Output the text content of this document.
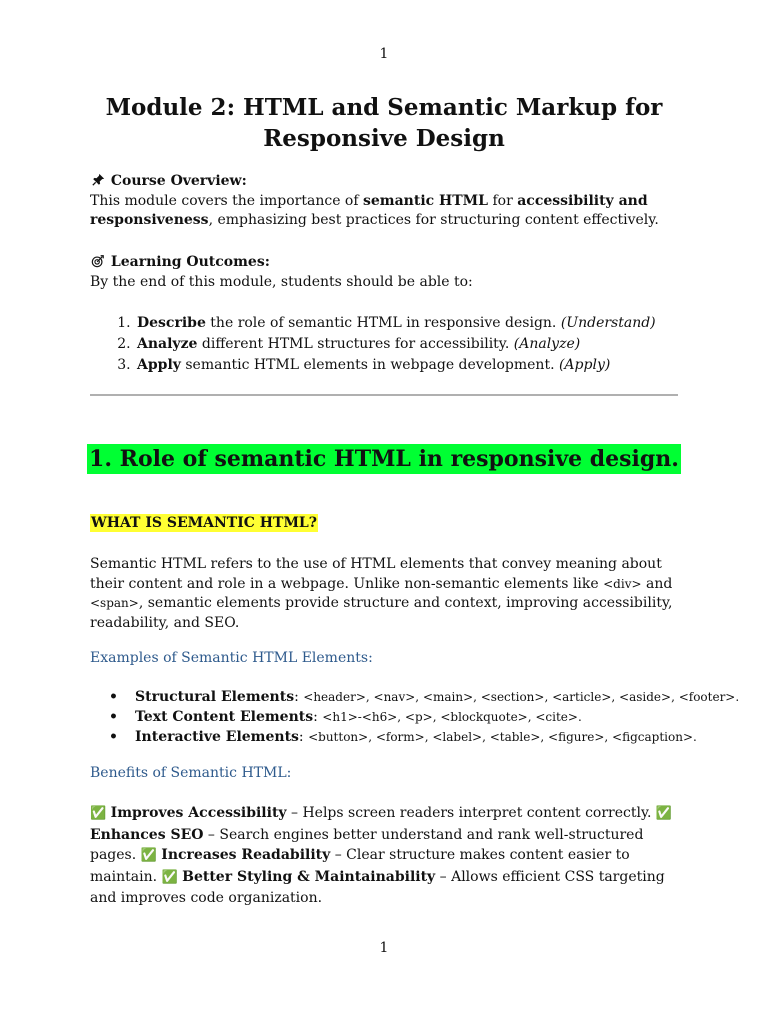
1
Module 2: HTML and Semantic Markup for Responsive Design
Course Overview:
This module covers the importance of semantic HTML for accessibility and responsiveness, emphasizing best practices for structuring content effectively.
Learning Outcomes:
By the end of this module, students should be able to:
1. Describe the role of semantic HTML in responsive design. (Understand)
2. Analyze different HTML structures for accessibility. (Analyze)
3. Apply semantic HTML elements in webpage development. (Apply)
1. Role of semantic HTML in responsive design.
WHAT IS SEMANTIC HTML?
Semantic HTML refers to the use of HTML elements that convey meaning about their content and role in a webpage. Unlike non-semantic elements like <div> and <span>, semantic elements provide structure and context, improving accessibility, readability, and SEO.
Examples of Semantic HTML Elements:
• Structural Elements: <header>, <nav>, <main>, <section>, <article>, <aside>, <footer>.
• Text Content Elements: <h1>-<h6>, <p>, <blockquote>, <cite>.
• Interactive Elements: <button>, <form>, <label>, <table>, <figure>, <figcaption>.
Benefits of Semantic HTML:
✅ Improves Accessibility – Helps screen readers interpret content correctly. ✅ Enhances SEO – Search engines better understand and rank well-structured pages. ✅ Increases Readability – Clear structure makes content easier to maintain. ✅ Better Styling & Maintainability – Allows efficient CSS targeting and improves code organization.
1
